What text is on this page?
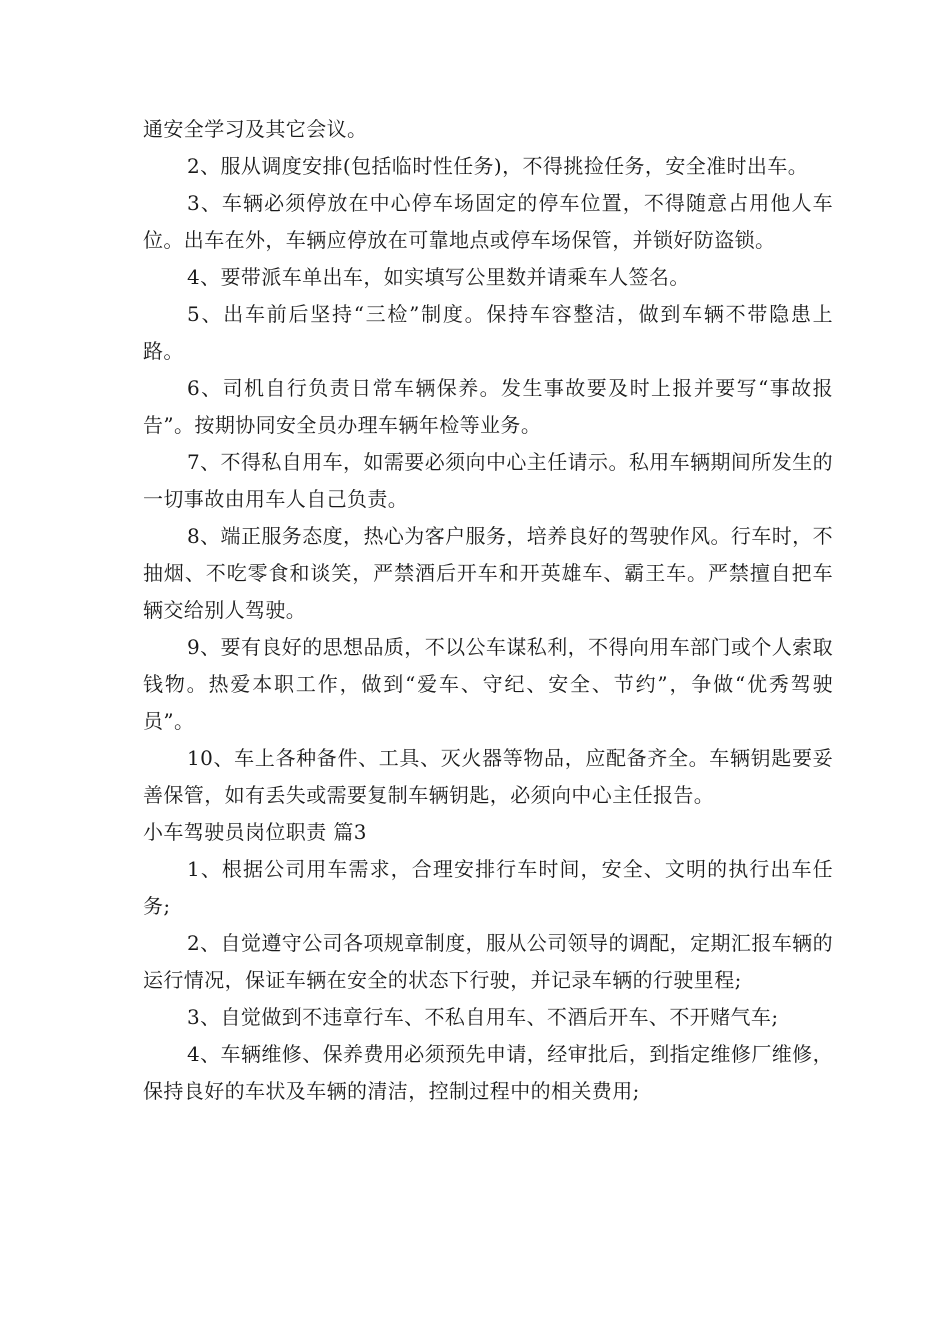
通安全学习及其它会议。

2、服从调度安排(包括临时性任务)，不得挑捡任务，安全准时出车。

3、车辆必须停放在中心停车场固定的停车位置，不得随意占用他人车位。出车在外，车辆应停放在可靠地点或停车场保管，并锁好防盗锁。

4、要带派车单出车，如实填写公里数并请乘车人签名。

5、出车前后坚持“三检”制度。保持车容整洁，做到车辆不带隐患上路。

6、司机自行负责日常车辆保养。发生事故要及时上报并要写“事故报告”。按期协同安全员办理车辆年检等业务。

7、不得私自用车，如需要必须向中心主任请示。私用车辆期间所发生的一切事故由用车人自己负责。

8、端正服务态度，热心为客户服务，培养良好的驾驶作风。行车时，不抽烟、不吃零食和谈笑，严禁酒后开车和开英雄车、霸王车。严禁擅自把车辆交给别人驾驶。

9、要有良好的思想品质，不以公车谋私利，不得向用车部门或个人索取钱物。热爱本职工作，做到“爱车、守纪、安全、节约”，争做“优秀驾驶员”。

10、车上各种备件、工具、灭火器等物品，应配备齐全。车辆钥匙要妥善保管，如有丢失或需要复制车辆钥匙，必须向中心主任报告。

小车驾驶员岗位职责 篇3

1、根据公司用车需求，合理安排行车时间，安全、文明的执行出车任务;

2、自觉遵守公司各项规章制度，服从公司领导的调配，定期汇报车辆的运行情况，保证车辆在安全的状态下行驶，并记录车辆的行驶里程;

3、自觉做到不违章行车、不私自用车、不酒后开车、不开赌气车;

4、车辆维修、保养费用必须预先申请，经审批后，到指定维修厂维修，保持良好的车状及车辆的清洁，控制过程中的相关费用;
